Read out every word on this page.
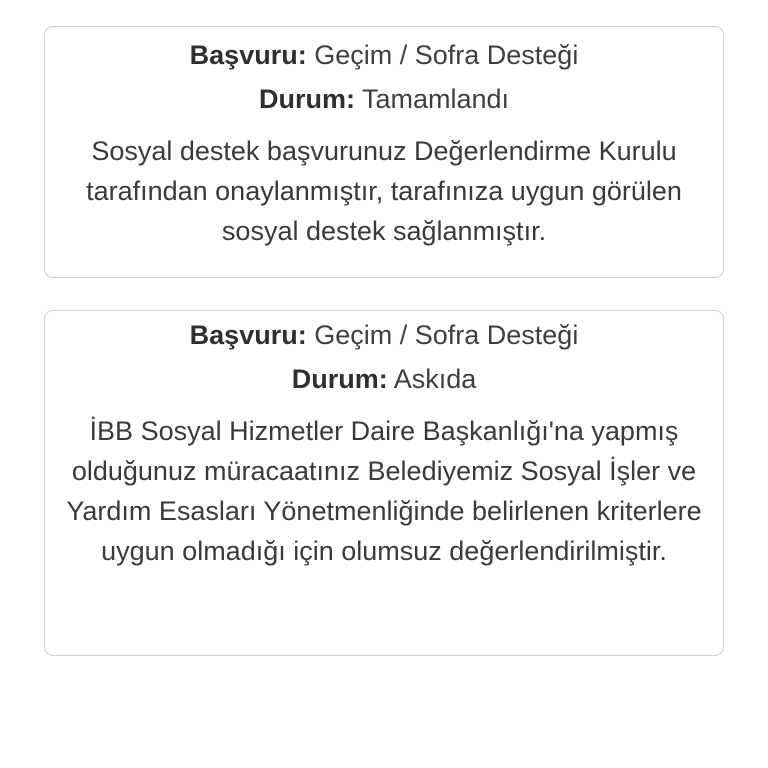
Başvuru: Geçim / Sofra Desteği
Durum: Tamamlandı
Sosyal destek başvurunuz Değerlendirme Kurulu tarafından onaylanmıştır, tarafınıza uygun görülen sosyal destek sağlanmıştır.
Başvuru: Geçim / Sofra Desteği
Durum: Askıda
İBB Sosyal Hizmetler Daire Başkanlığı'na yapmış olduğunuz müracaatınız Belediyemiz Sosyal İşler ve Yardım Esasları Yönetmenliğinde belirlenen kriterlere uygun olmadığı için olumsuz değerlendirilmiştir.
